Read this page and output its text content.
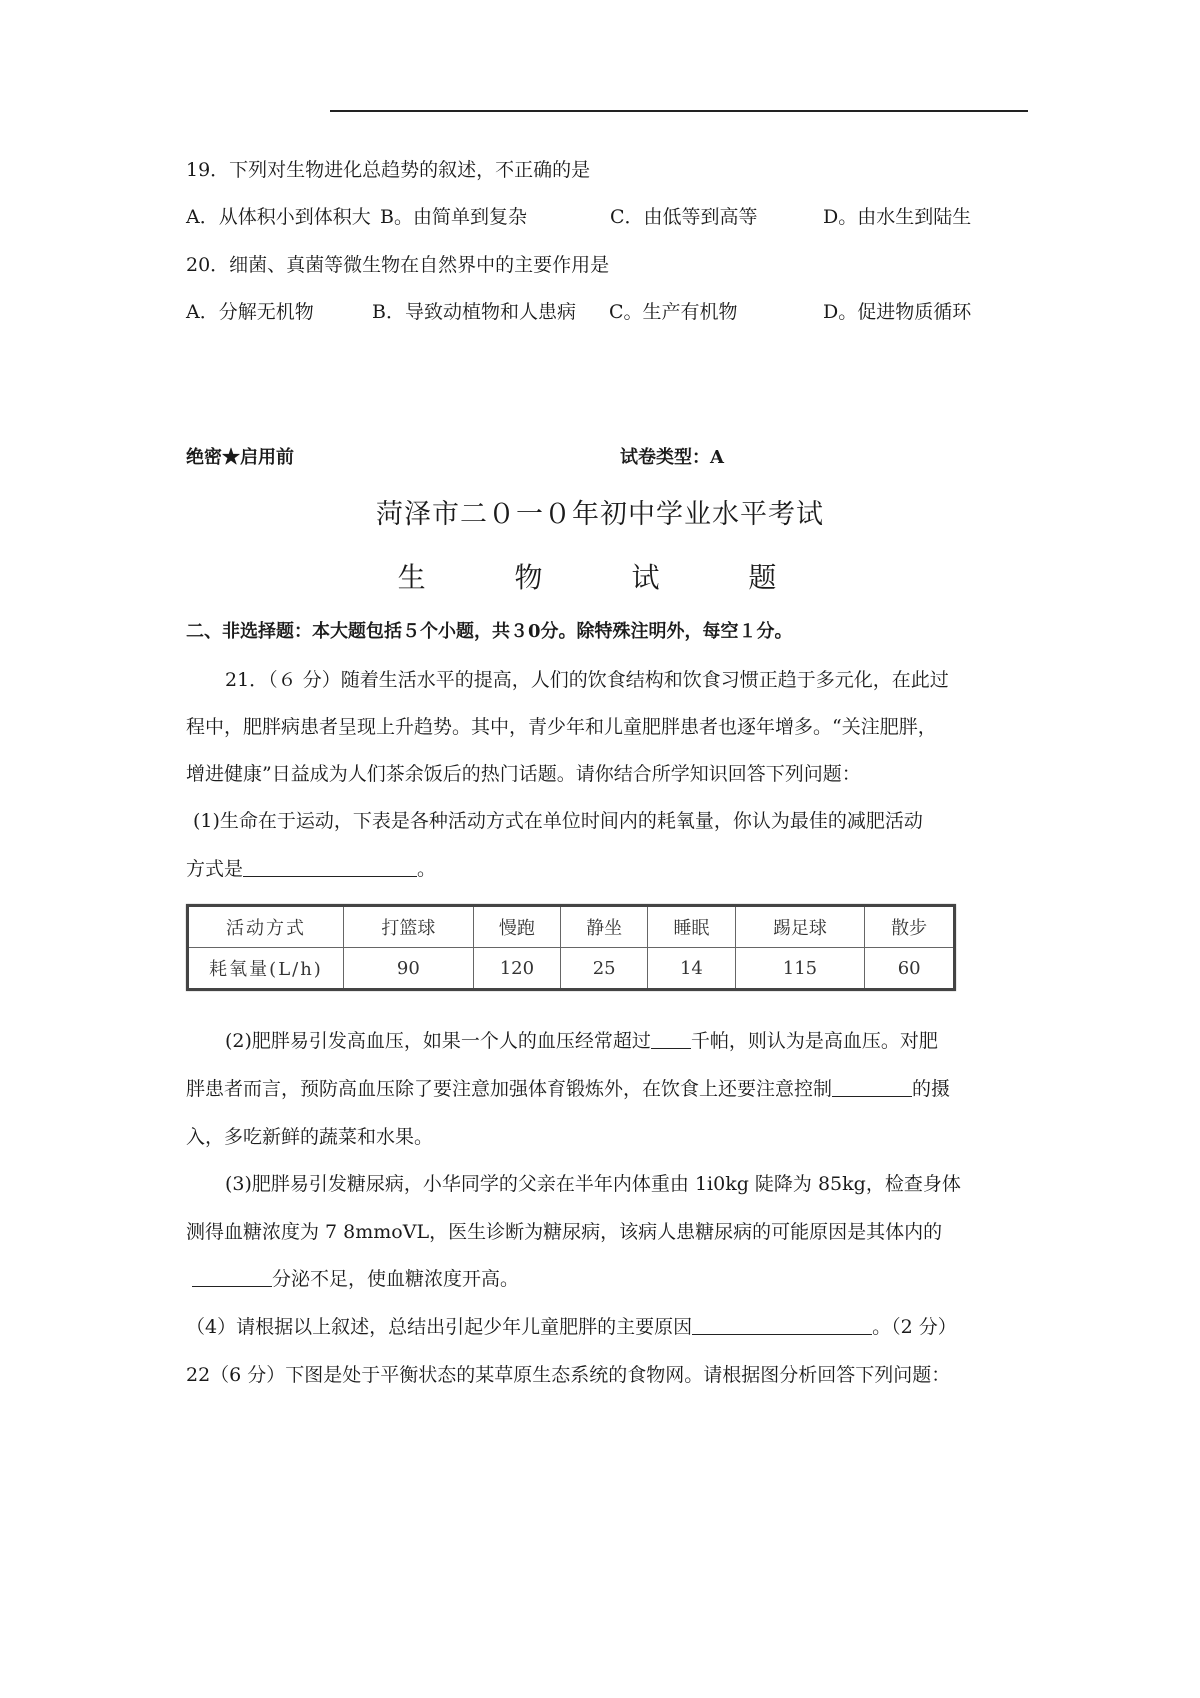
19．下列对生物进化总趋势的叙述，不正确的是
A．从体积小到体积大 B。由简单到复杂	C．由低等到高等	D。由水生到陆生
20．细菌、真菌等微生物在自然界中的主要作用是
A．分解无机物	B．导致动植物和人患病 C。生产有机物	D。促进物质循环
绝密★启用前	试卷类型：A
菏泽市二０一０年初中学业水平考试
生 物 试 题
二、非选择题：本大题包括５个小题，共３0分。除特殊注明外，每空１分。
21．（６ 分）随着生活水平的提高，人们的饮食结构和饮食习惯正趋于多元化，在此过
程中，肥胖病患者呈现上升趋势。其中，青少年和儿童肥胖患者也逐年增多。“关注肥胖，
增进健康”日益成为人们茶余饭后的热门话题。请你结合所学知识回答下列问题：
(1)生命在于运动，下表是各种活动方式在单位时间内的耗氧量，你认为最佳的减肥活动
方式是	。
活动方式	打篮球	慢跑	静坐	睡眠	踢足球	散步
耗氧量(L/h)	90	120	25	14	115	60
(2)肥胖易引发高血压，如果一个人的血压经常超过 千帕，则认为是高血压。对肥
胖患者而言，预防高血压除了要注意加强体育锻炼外，在饮食上还要注意控制	的摄
入，多吃新鲜的蔬菜和水果。
(3)肥胖易引发糖尿病，小华同学的父亲在半年内体重由 1i0kg 陡降为 85kg，检查身体
测得血糖浓度为 7 8mmoVL，医生诊断为糖尿病，该病人患糖尿病的可能原因是其体内的
分泌不足，使血糖浓度开高。
（4）请根据以上叙述，总结出引起少年儿童肥胖的主要原因	。（2 分）
22（6 分）下图是处于平衡状态的某草原生态系统的食物网。请根据图分析回答下列问题：
